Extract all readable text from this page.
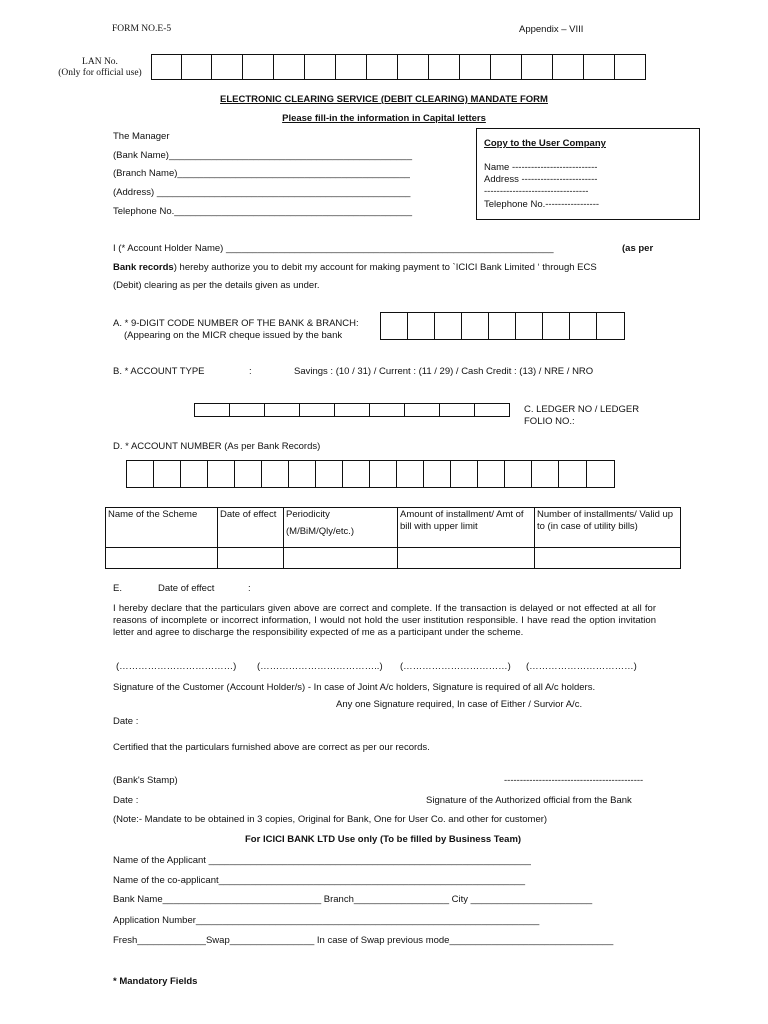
FORM NO.E-5	Appendix – VIII
LAN No.
(Only for official use)
ELECTRONIC CLEARING SERVICE (DEBIT CLEARING) MANDATE FORM
Please fill-in the information in Capital letters
The Manager
(Bank Name)______________________________________________
(Branch Name)____________________________________________
(Address) ________________________________________________
Telephone No._____________________________________________
Copy to the User Company
Name ---------------------------
Address ------------------------
---------------------------------
Telephone No.-----------------
I (* Account Holder Name) ______________________________________________________________	(as per
Bank records) hereby authorize you to debit my account for making payment to `ICICI Bank Limited ‘ through ECS
(Debit) clearing as per the details given as under.
A. * 9-DIGIT CODE NUMBER OF THE BANK & BRANCH:
(Appearing on the MICR cheque issued by the bank
B. * ACCOUNT TYPE	:	Savings : (10 / 31) / Current : (11 / 29) / Cash Credit : (13) / NRE / NRO
C. LEDGER NO / LEDGER
FOLIO NO.:
D. * ACCOUNT NUMBER (As per Bank Records)
Name of the Scheme	Date of effect	Periodicity
(M/BiM/Qly/etc.)	Amount of installment/ Amt of bill with upper limit	Number of installments/ Valid up to (in case of utility bills)

E.	Date of effect	:
I hereby declare that the particulars given above are correct and complete. If the transaction is delayed or not effected at all for reasons of incomplete or incorrect information, I would not hold the user institution responsible. I have read the option invitation letter and agree to discharge the responsibility expected of me as a participant under the scheme.
(………………………………) (………………………………..) (……………………………) (……………………………)
Signature of the Customer (Account Holder/s) - In case of Joint A/c holders, Signature is required of all A/c holders.
Any one Signature required, In case of Either / Survior A/c.
Date :
Certified that the particulars furnished above are correct as per our records.
(Bank's Stamp)	--------------------------------------------
Date :	Signature of the Authorized official from the Bank
(Note:- Mandate to be obtained in 3 copies, Original for Bank, One for User Co. and other for customer)
For ICICI BANK LTD Use only (To be filled by Business Team)
Name of the Applicant _____________________________________________________________
Name of the co-applicant__________________________________________________________
Bank Name______________________________ Branch__________________ City _______________________
Application Number_________________________________________________________________
Fresh_____________Swap________________ In case of Swap previous mode_______________________________
* Mandatory Fields
